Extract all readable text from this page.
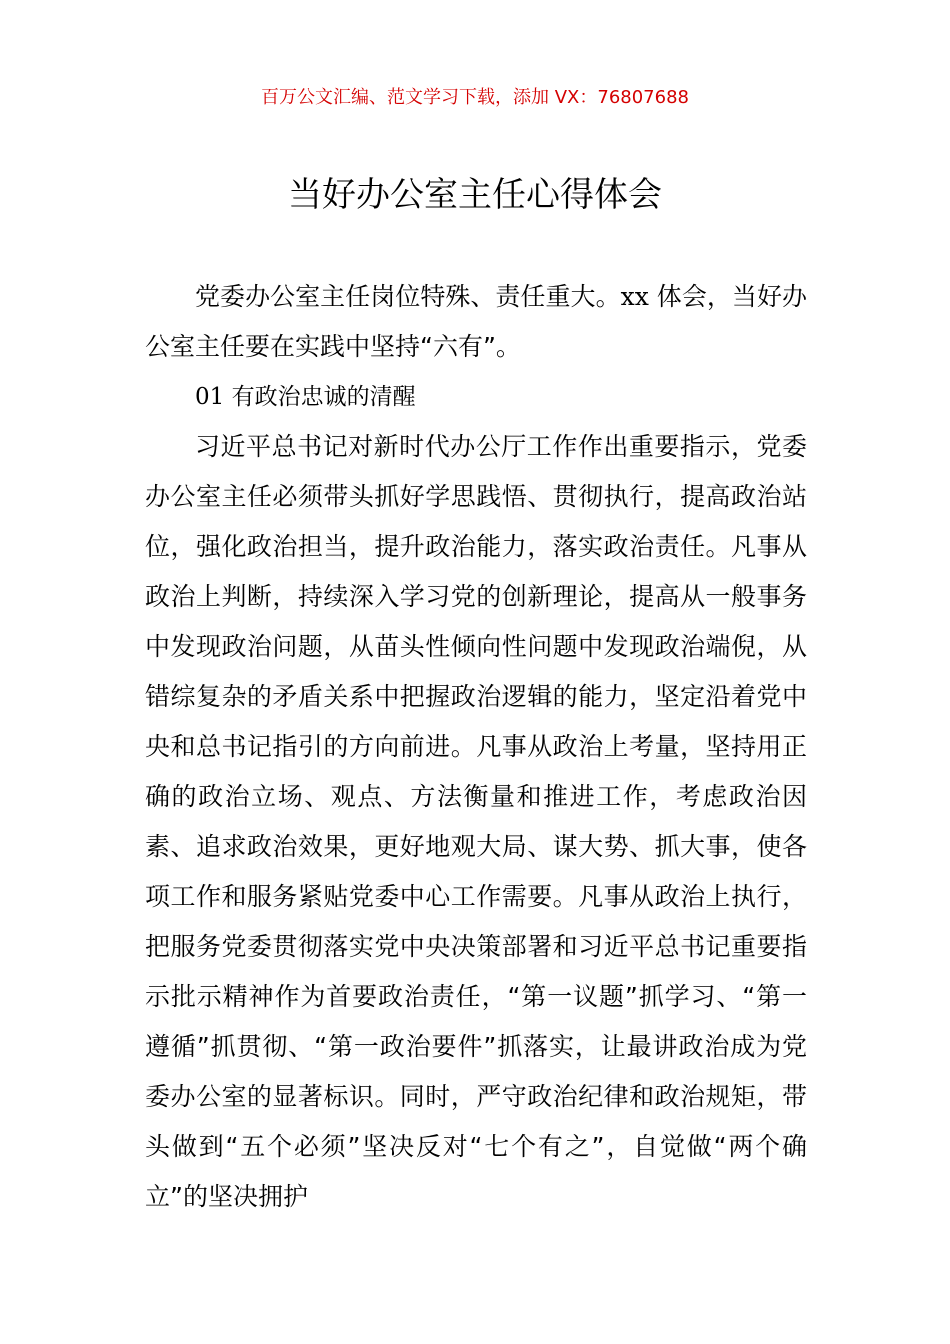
百万公文汇编、范文学习下载，添加 VX：76807688
当好办公室主任心得体会

党委办公室主任岗位特殊、责任重大。xx 体会，当好办公室主任要在实践中坚持“六有”。

01 有政治忠诚的清醒

习近平总书记对新时代办公厅工作作出重要指示，党委办公室主任必须带头抓好学思践悟、贯彻执行，提高政治站位，强化政治担当，提升政治能力，落实政治责任。凡事从政治上判断，持续深入学习党的创新理论，提高从一般事务中发现政治问题，从苗头性倾向性问题中发现政治端倪，从错综复杂的矛盾关系中把握政治逻辑的能力，坚定沿着党中央和总书记指引的方向前进。凡事从政治上考量，坚持用正确的政治立场、观点、方法衡量和推进工作，考虑政治因素、追求政治效果，更好地观大局、谋大势、抓大事，使各项工作和服务紧贴党委中心工作需要。凡事从政治上执行，把服务党委贯彻落实党中央决策部署和习近平总书记重要指示批示精神作为首要政治责任，“第一议题”抓学习、“第一遵循”抓贯彻、“第一政治要件”抓落实，让最讲政治成为党委办公室的显著标识。同时，严守政治纪律和政治规矩，带头做到“五个必须”坚决反对“七个有之”，自觉做“两个确立”的坚决拥护
